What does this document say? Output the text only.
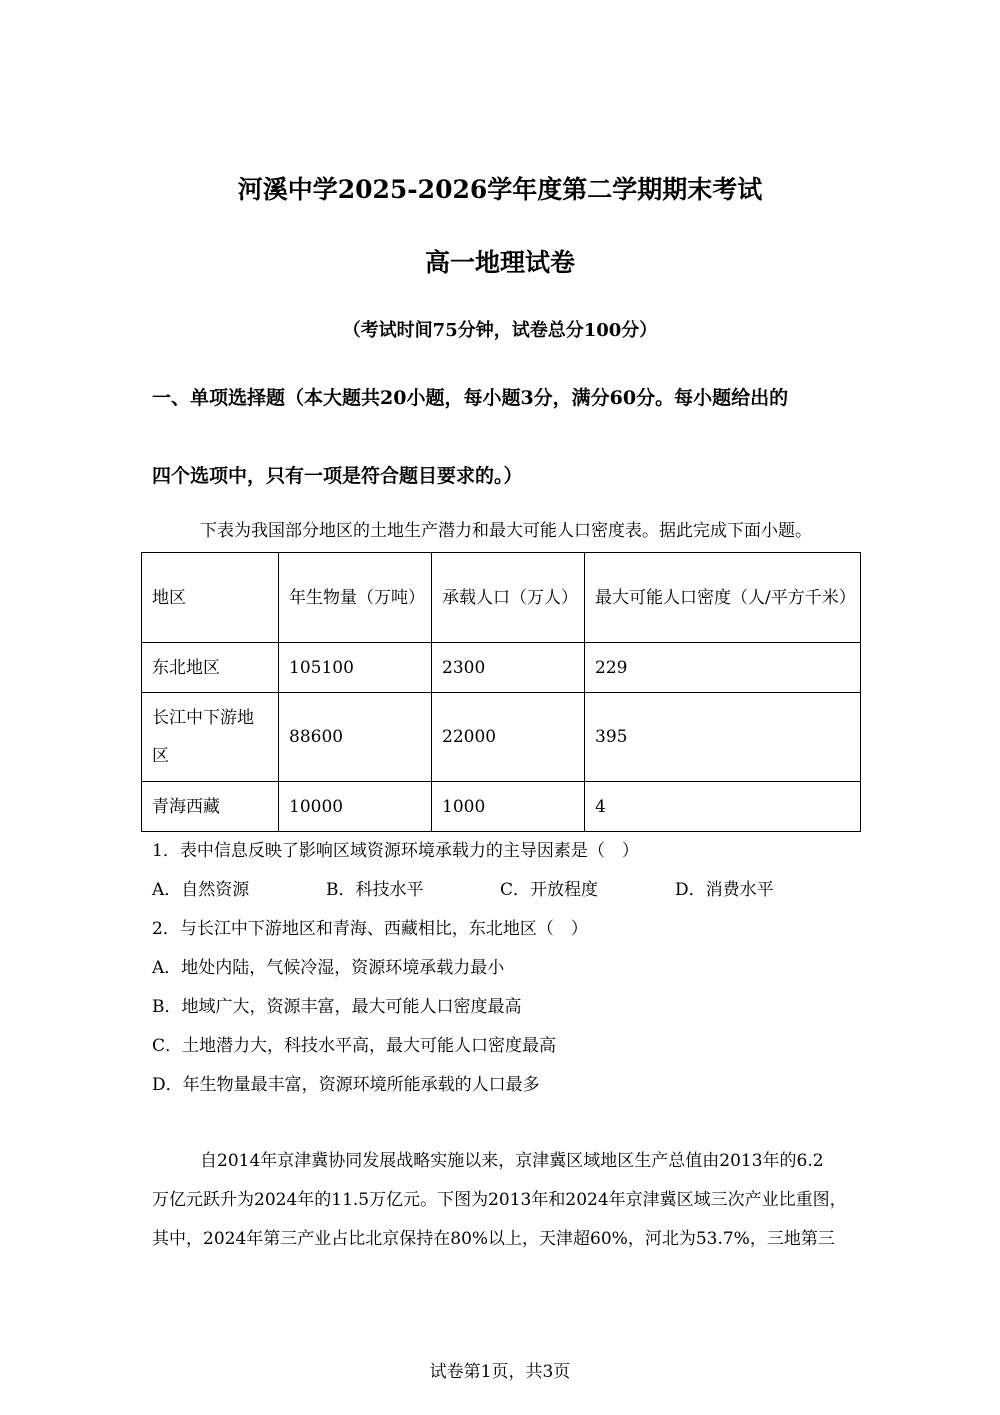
河溪中学2025-2026学年度第二学期期末考试
高一地理试卷
（考试时间75分钟，试卷总分100分）
一、单项选择题（本大题共20小题，每小题3分，满分60分。每小题给出的
四个选项中，只有一项是符合题目要求的。）
下表为我国部分地区的土地生产潜力和最大可能人口密度表。据此完成下面小题。
地区	年生物量（万吨）	承载人口（万人）	最大可能人口密度（人/平方千米）
东北地区	105100	2300	229
长江中下游地区	88600	22000	395
青海西藏	10000	1000	4
1．表中信息反映了影响区域资源环境承载力的主导因素是（　）
A．自然资源	B．科技水平	C．开放程度	D．消费水平
2．与长江中下游地区和青海、西藏相比，东北地区（　）
A．地处内陆，气候冷湿，资源环境承载力最小
B．地域广大，资源丰富，最大可能人口密度最高
C．土地潜力大，科技水平高，最大可能人口密度最高
D．年生物量最丰富，资源环境所能承载的人口最多
自2014年京津冀协同发展战略实施以来，京津冀区域地区生产总值由2013年的6.2
万亿元跃升为2024年的11.5万亿元。下图为2013年和2024年京津冀区域三次产业比重图，
其中，2024年第三产业占比北京保持在80%以上，天津超60%，河北为53.7%，三地第三
试卷第1页，共3页
